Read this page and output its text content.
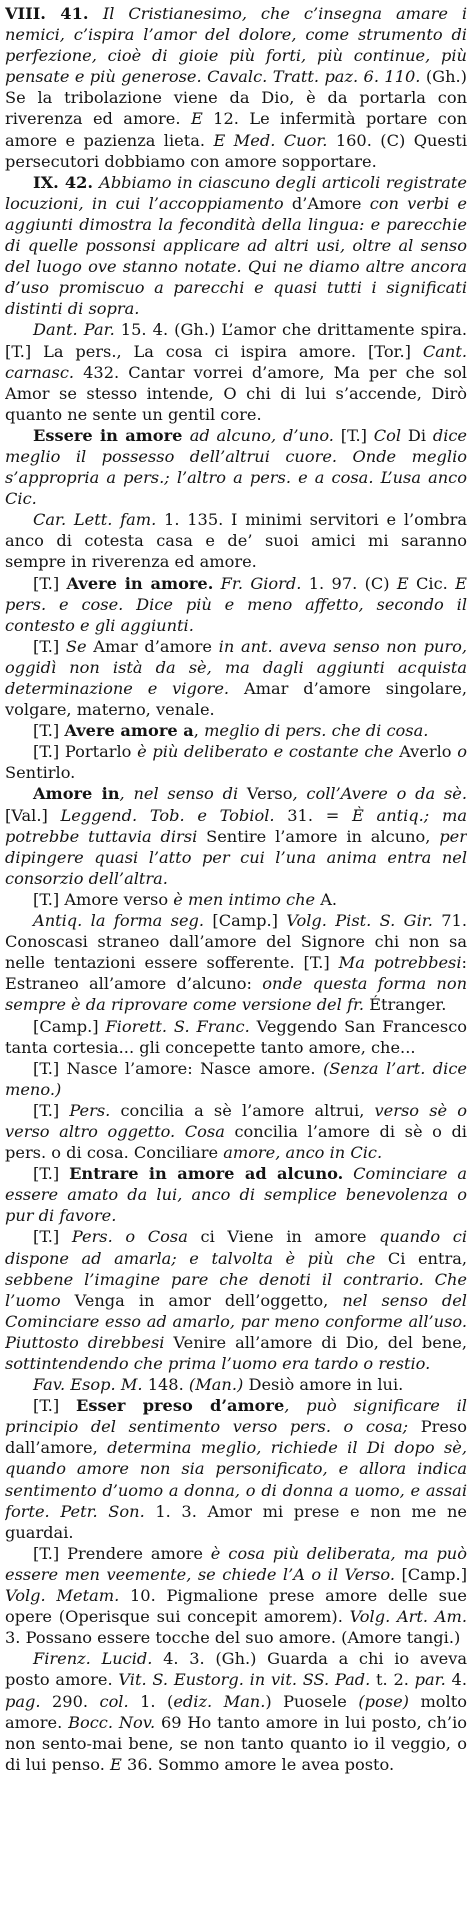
VIII. 41. Il Cristianesimo, che c’insegna amare i nemici, c’ispira l’amor del dolore, come strumento di perfezione, cioè di gioie più forti, più continue, più pensate e più generose. Cavalc. Tratt. paz. 6. 110. (Gh.) Se la tribolazione viene da Dio, è da portarla con riverenza ed amore. E 12. Le infermità portare con amore e pazienza lieta. E Med. Cuor. 160. (C) Questi persecutori dobbiamo con amore sopportare.

IX. 42. Abbiamo in ciascuno degli articoli registrate locuzioni, in cui l’accoppiamento d’Amore con verbi e aggiunti dimostra la fecondità della lingua: e parecchie di quelle possonsi applicare ad altri usi, oltre al senso del luogo ove stanno notate. Qui ne diamo altre ancora d’uso promiscuo a parecchi e quasi tutti i significati distinti di sopra.

Dant. Par. 15. 4. (Gh.) L’amor che drittamente spira. [T.] La pers., La cosa ci ispira amore. [Tor.] Cant. carnasc. 432. Cantar vorrei d’amore, Ma per che sol Amor se stesso intende, O chi di lui s’accende, Dirò quanto ne sente un gentil core.

Essere in amore ad alcuno, d’uno. [T.] Col Di dice meglio il possesso dell’altrui cuore. Onde meglio s’appropria a pers.; l’altro a pers. e a cosa. L’usa anco Cic.

Car. Lett. fam. 1. 135. I minimi servitori e l’ombra anco di cotesta casa e de’ suoi amici mi saranno sempre in riverenza ed amore.

[T.] Avere in amore. Fr. Giord. 1. 97. (C) E Cic. E pers. e cose. Dice più e meno affetto, secondo il contesto e gli aggiunti.

[T.] Se Amar d’amore in ant. aveva senso non puro, oggidì non istà da sè, ma dagli aggiunti acquista determinazione e vigore. Amar d’amore singolare, volgare, materno, venale.

[T.] Avere amore a, meglio di pers. che di cosa.

[T.] Portarlo è più deliberato e costante che Averlo o Sentirlo.

Amore in, nel senso di Verso, coll’Avere o da sè. [Val.] Leggend. Tob. e Tobiol. 31. = È antiq.; ma potrebbe tuttavia dirsi Sentire l’amore in alcuno, per dipingere quasi l’atto per cui l’una anima entra nel consorzio dell’altra.

[T.] Amore verso è men intimo che A.

Antiq. la forma seg. [Camp.] Volg. Pist. S. Gir. 71. Conoscasi straneo dall’amore del Signore chi non sa nelle tentazioni essere sofferente. [T.] Ma potrebbesi: Estraneo all’amore d’alcuno: onde questa forma non sempre è da riprovare come versione del fr. Étranger.

[Camp.] Fiorett. S. Franc. Veggendo San Francesco tanta cortesia... gli concepette tanto amore, che...

[T.] Nasce l’amore: Nasce amore. (Senza l’art. dice meno.)

[T.] Pers. concilia a sè l’amore altrui, verso sè o verso altro oggetto. Cosa concilia l’amore di sè o di pers. o di cosa. Conciliare amore, anco in Cic.

[T.] Entrare in amore ad alcuno. Cominciare a essere amato da lui, anco di semplice benevolenza o pur di favore.

[T.] Pers. o Cosa ci Viene in amore quando ci dispone ad amarla; e talvolta è più che Ci entra, sebbene l’imagine pare che denoti il contrario. Che l’uomo Venga in amor dell’oggetto, nel senso del Cominciare esso ad amarlo, par meno conforme all’uso. Piuttosto direbbesi Venire all’amore di Dio, del bene, sottintendendo che prima l’uomo era tardo o restio.

Fav. Esop. M. 148. (Man.) Desiò amore in lui.

[T.] Esser preso d’amore, può significare il principio del sentimento verso pers. o cosa; Preso dall’amore, determina meglio, richiede il Di dopo sè, quando amore non sia personificato, e allora indica sentimento d’uomo a donna, o di donna a uomo, e assai forte. Petr. Son. 1. 3. Amor mi prese e non me ne guardai.

[T.] Prendere amore è cosa più deliberata, ma può essere men veemente, se chiede l’A o il Verso. [Camp.] Volg. Metam. 10. Pigmalione prese amore delle sue opere (Operisque sui concepit amorem). Volg. Art. Am. 3. Possano essere tocche del suo amore. (Amore tangi.)

Firenz. Lucid. 4. 3. (Gh.) Guarda a chi io aveva posto amore. Vit. S. Eustorg. in vit. SS. Pad. t. 2. par. 4. pag. 290. col. 1. (ediz. Man.) Puosele (pose) molto amore. Bocc. Nov. 69 Ho tanto amore in lui posto, ch’io non sento-mai bene, se non tanto quanto io il veggio, o di lui penso. E 36. Sommo amore le avea posto.
